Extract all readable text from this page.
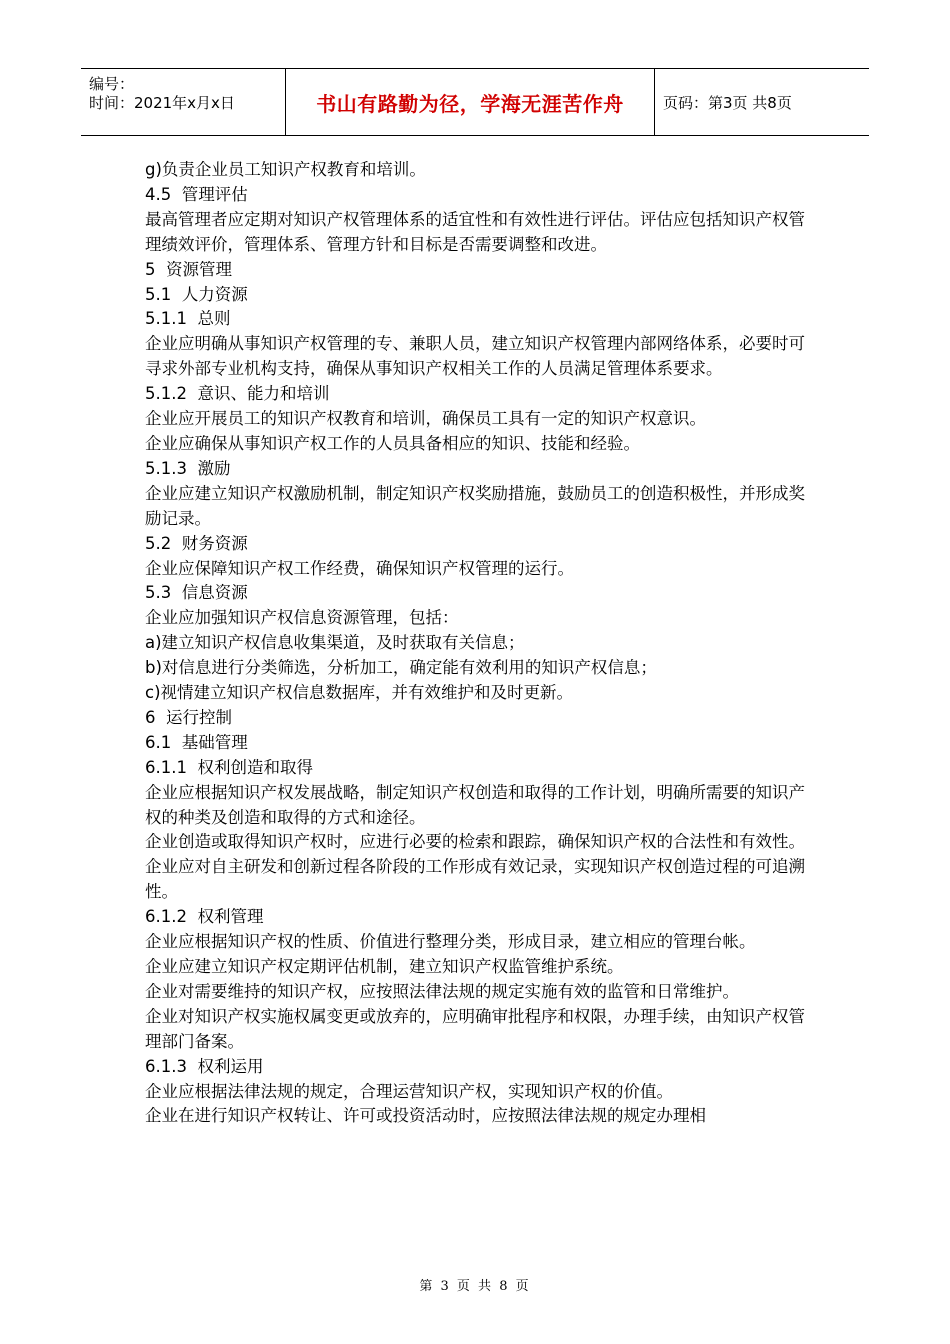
编号：
时间：2021年x月x日	书山有路勤为径，学海无涯苦作舟	页码：第3页 共8页

g)负责企业员工知识产权教育和培训。

4.5  管理评估

最高管理者应定期对知识产权管理体系的适宜性和有效性进行评估。评估应包括知识产权管理绩效评价，管理体系、管理方针和目标是否需要调整和改进。

5  资源管理

5.1  人力资源

5.1.1  总则

企业应明确从事知识产权管理的专、兼职人员，建立知识产权管理内部网络体系，必要时可寻求外部专业机构支持，确保从事知识产权相关工作的人员满足管理体系要求。

5.1.2  意识、能力和培训

企业应开展员工的知识产权教育和培训，确保员工具有一定的知识产权意识。

企业应确保从事知识产权工作的人员具备相应的知识、技能和经验。

5.1.3  激励

企业应建立知识产权激励机制，制定知识产权奖励措施，鼓励员工的创造积极性，并形成奖励记录。

5.2  财务资源

企业应保障知识产权工作经费，确保知识产权管理的运行。

5.3  信息资源

企业应加强知识产权信息资源管理，包括：

a)建立知识产权信息收集渠道，及时获取有关信息；

b)对信息进行分类筛选，分析加工，确定能有效利用的知识产权信息；

c)视情建立知识产权信息数据库，并有效维护和及时更新。

6  运行控制

6.1  基础管理

6.1.1  权利创造和取得

企业应根据知识产权发展战略，制定知识产权创造和取得的工作计划，明确所需要的知识产权的种类及创造和取得的方式和途径。

企业创造或取得知识产权时，应进行必要的检索和跟踪，确保知识产权的合法性和有效性。

企业应对自主研发和创新过程各阶段的工作形成有效记录，实现知识产权创造过程的可追溯性。

6.1.2  权利管理

企业应根据知识产权的性质、价值进行整理分类，形成目录，建立相应的管理台帐。

企业应建立知识产权定期评估机制，建立知识产权监管维护系统。

企业对需要维持的知识产权，应按照法律法规的规定实施有效的监管和日常维护。

企业对知识产权实施权属变更或放弃的，应明确审批程序和权限，办理手续，由知识产权管理部门备案。

6.1.3  权利运用

企业应根据法律法规的规定，合理运营知识产权，实现知识产权的价值。

企业在进行知识产权转让、许可或投资活动时，应按照法律法规的规定办理相

第 3 页 共 8 页
